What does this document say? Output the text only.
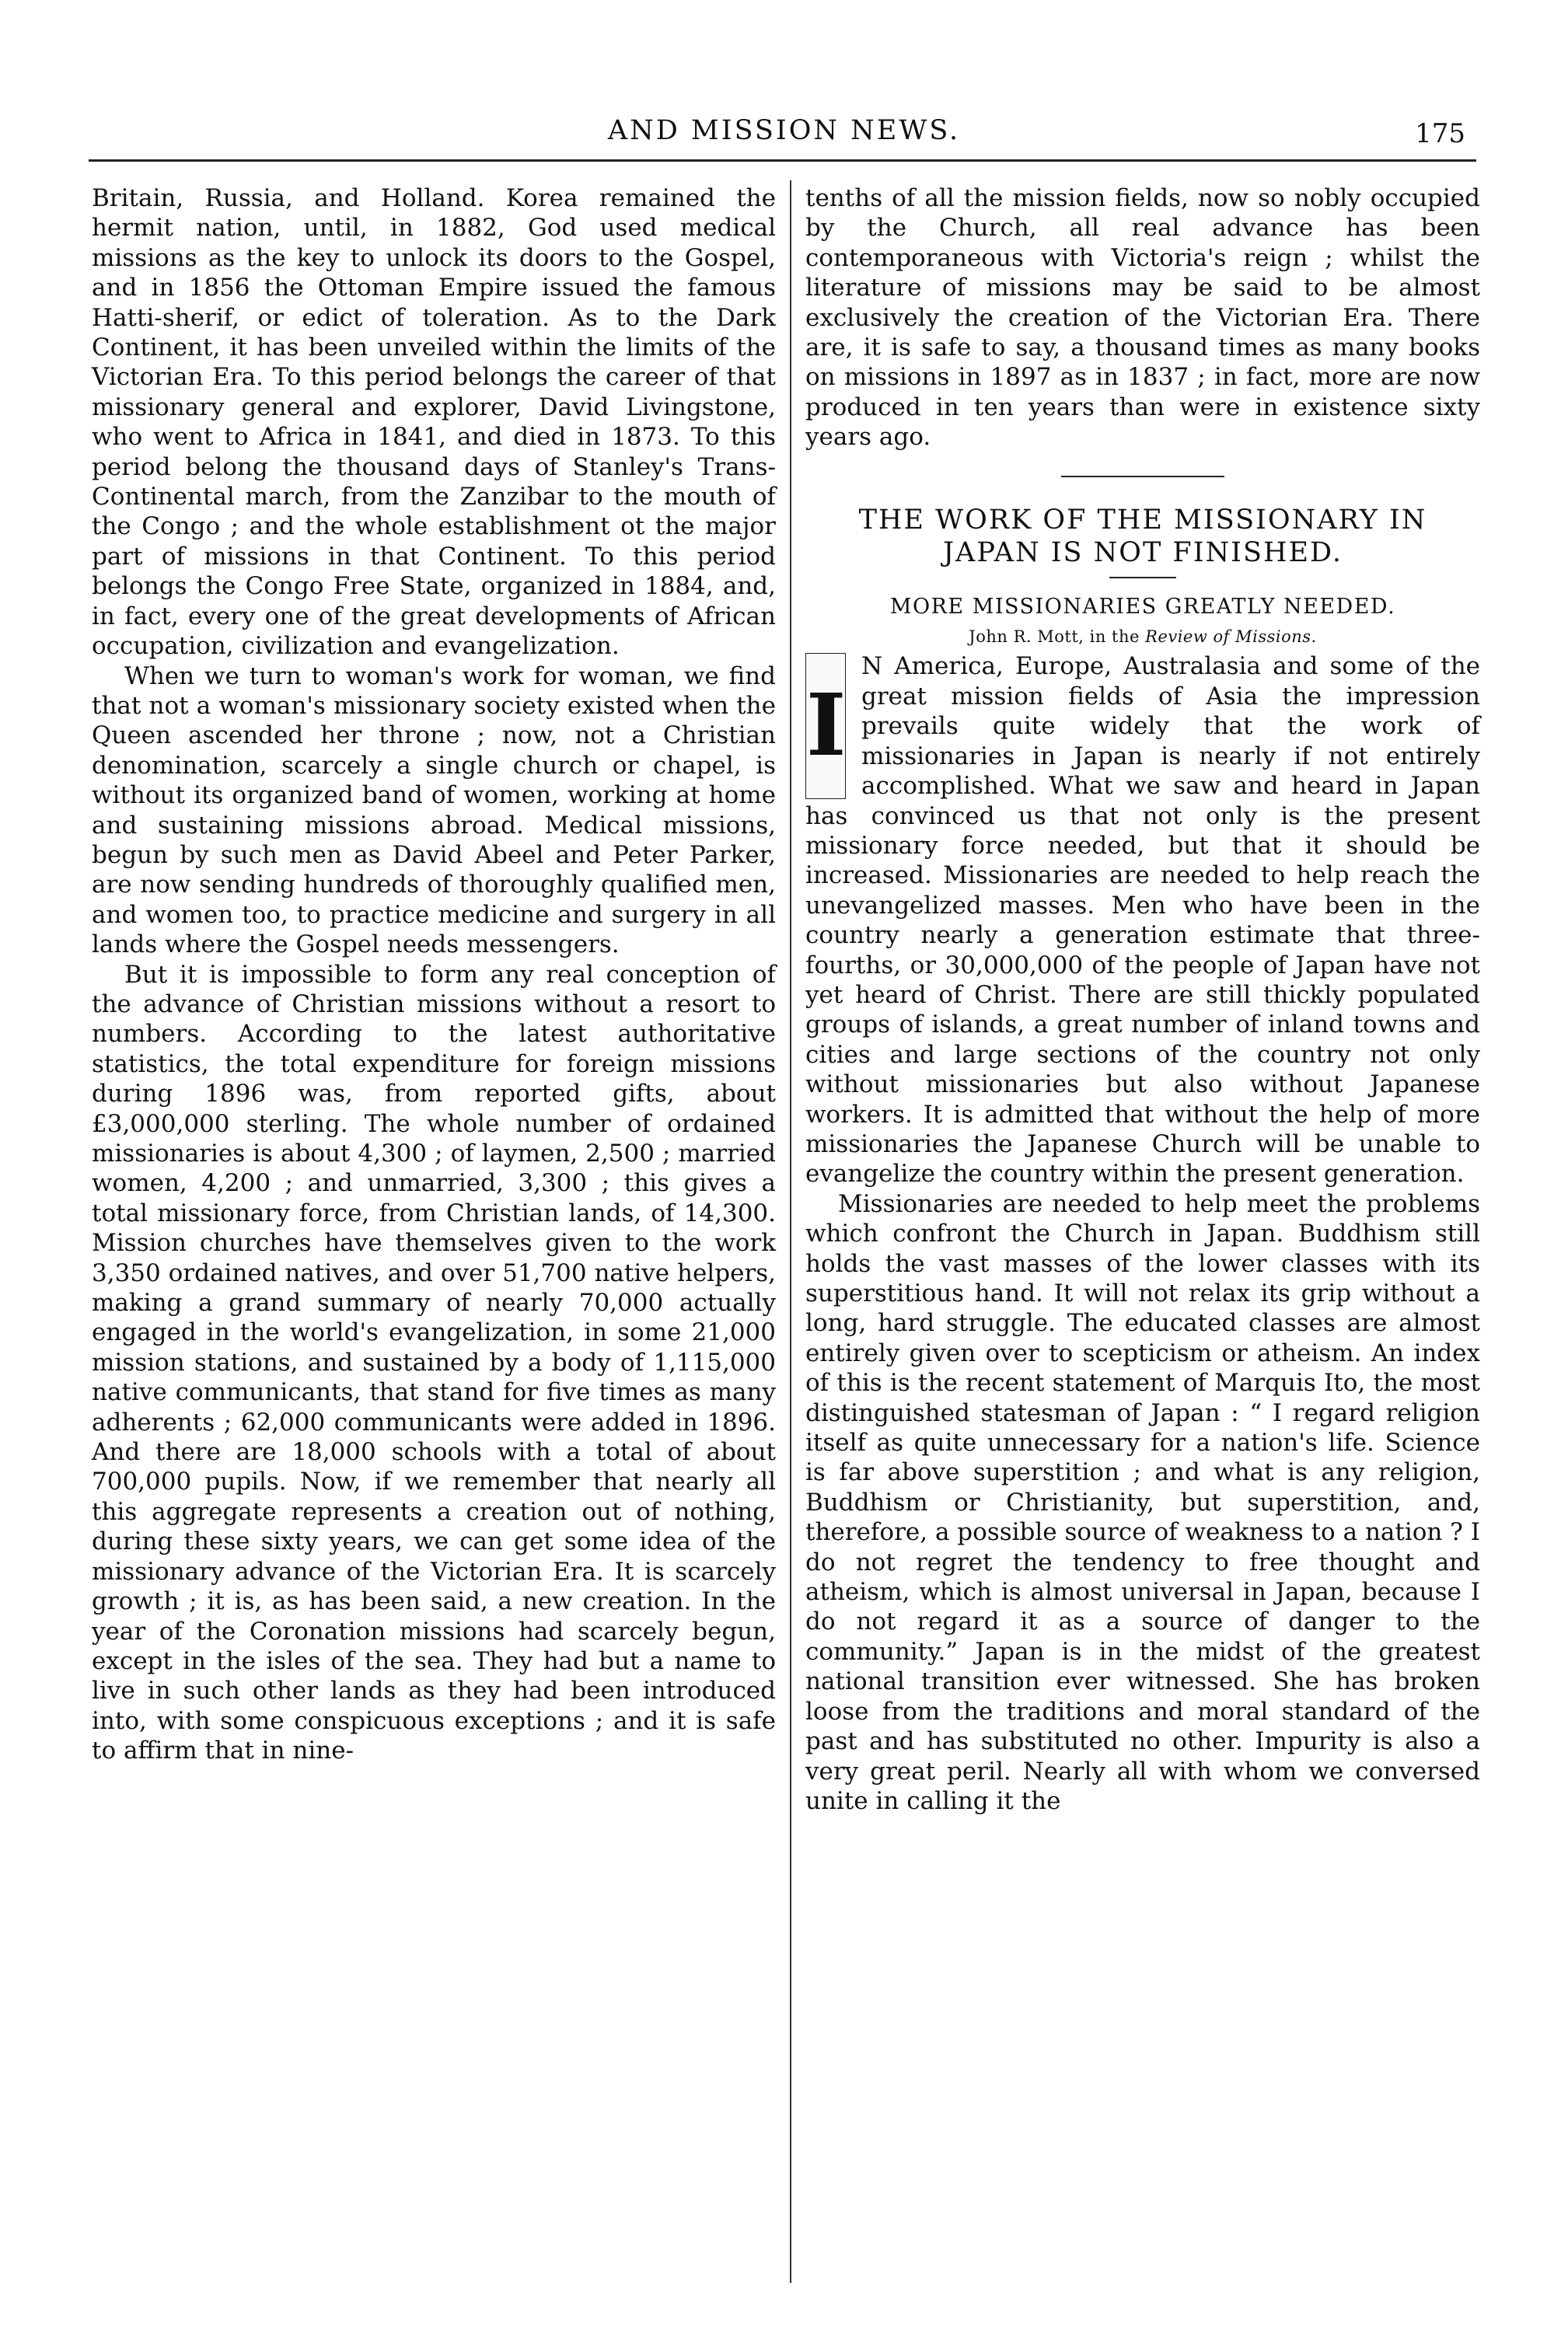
AND MISSION NEWS.	175

Britain, Russia, and Holland. Korea remained the hermit nation, until, in 1882, God used medical missions as the key to unlock its doors to the Gospel, and in 1856 the Ottoman Empire issued the famous Hatti-sherif, or edict of toleration. As to the Dark Continent, it has been unveiled within the limits of the Victorian Era. To this period belongs the career of that missionary general and explorer, David Livingstone, who went to Africa in 1841, and died in 1873. To this period belong the thousand days of Stanley's Trans-Continental march, from the Zanzibar to the mouth of the Congo ; and the whole establishment ot the major part of missions in that Continent. To this period belongs the Congo Free State, organized in 1884, and, in fact, every one of the great developments of African occupation, civilization and evangelization.

When we turn to woman's work for woman, we find that not a woman's missionary society existed when the Queen ascended her throne ; now, not a Christian denomination, scarcely a single church or chapel, is without its organized band of women, working at home and sustaining missions abroad. Medical missions, begun by such men as David Abeel and Peter Parker, are now sending hundreds of thoroughly qualified men, and women too, to practice medicine and surgery in all lands where the Gospel needs messengers.

But it is impossible to form any real conception of the advance of Christian missions without a resort to numbers. According to the latest authoritative statistics, the total expenditure for foreign missions during 1896 was, from reported gifts, about £3,000,000 sterling. The whole number of ordained missionaries is about 4,300 ; of laymen, 2,500 ; married women, 4,200 ; and unmarried, 3,300 ; this gives a total missionary force, from Christian lands, of 14,300. Mission churches have themselves given to the work 3,350 ordained natives, and over 51,700 native helpers, making a grand summary of nearly 70,000 actually engaged in the world's evangelization, in some 21,000 mission stations, and sustained by a body of 1,115,000 native communicants, that stand for five times as many adherents ; 62,000 communicants were added in 1896. And there are 18,000 schools with a total of about 700,000 pupils. Now, if we remember that nearly all this aggregate represents a creation out of nothing, during these sixty years, we can get some idea of the missionary advance of the Victorian Era. It is scarcely growth ; it is, as has been said, a new creation. In the year of the Coronation missions had scarcely begun, except in the isles of the sea. They had but a name to live in such other lands as they had been introduced into, with some conspicuous exceptions ; and it is safe to affirm that in nine-

tenths of all the mission fields, now so nobly occupied by the Church, all real advance has been contemporaneous with Victoria's reign ; whilst the literature of missions may be said to be almost exclusively the creation of the Victorian Era. There are, it is safe to say, a thousand times as many books on missions in 1897 as in 1837 ; in fact, more are now produced in ten years than were in existence sixty years ago.

THE WORK OF THE MISSIONARY IN

JAPAN IS NOT FINISHED.

MORE MISSIONARIES GREATLY NEEDED.

John R. Mott, in the Review of Missions.

I
N America, Europe, Australasia and some of the great mission fields of Asia the impression prevails quite widely that the work of missionaries in Japan is nearly if not entirely accomplished. What we saw and heard in Japan has convinced us that not only is the present missionary force needed, but that it should be increased. Missionaries are needed to help reach the unevangelized masses. Men who have been in the country nearly a generation estimate that three-fourths, or 30,000,000 of the people of Japan have not yet heard of Christ. There are still thickly populated groups of islands, a great number of inland towns and cities and large sections of the country not only without missionaries but also without Japanese workers. It is admitted that without the help of more missionaries the Japanese Church will be unable to evangelize the country within the present generation.

Missionaries are needed to help meet the problems which confront the Church in Japan. Buddhism still holds the vast masses of the lower classes with its superstitious hand. It will not relax its grip without a long, hard struggle. The educated classes are almost entirely given over to scepticism or atheism. An index of this is the recent statement of Marquis Ito, the most distinguished statesman of Japan : “ I regard religion itself as quite unnecessary for a nation's life. Science is far above superstition ; and what is any religion, Buddhism or Christianity, but superstition, and, therefore, a possible source of weakness to a nation ? I do not regret the tendency to free thought and atheism, which is almost universal in Japan, because I do not regard it as a source of danger to the community.” Japan is in the midst of the greatest national transition ever witnessed. She has broken loose from the traditions and moral standard of the past and has substituted no other. Impurity is also a very great peril. Nearly all with whom we conversed unite in calling it the
